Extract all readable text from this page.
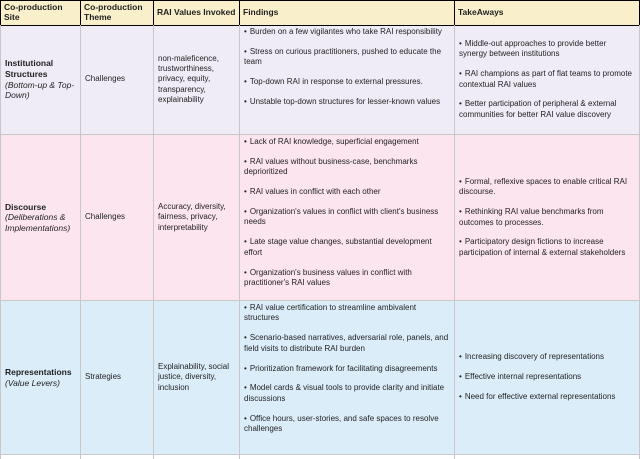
Co-production Site
Co-production Theme	RAI Values Invoked Findings	TakeAways
Institutional Structures
(Bottom-up & Top-Down)
Challenges
non-maleficence, trustworthiness, privacy, equity, transparency, explainability
• Burden on a few vigilantes who take RAI responsibility
• Stress on curious practitioners, pushed to educate the team
• Top-down RAI in response to external pressures.
• Unstable top-down structures for lesser-known values
• Middle-out approaches to provide better synergy between institutions
• RAI champions as part of flat teams to promote contextual RAI values
• Better participation of peripheral & external communities for better RAI value discovery
Discourse
(Deliberations & Implementations)
Challenges
Accuracy, diversity, fairness, privacy, interpretability
• Lack of RAI knowledge, superficial engagement
• RAI values without business-case, benchmarks deprioritized
• RAI values in conflict with each other
• Organization's values in conflict with client's business needs
• Late stage value changes, substantial development effort
• Organization's business values in conflict with practitioner's RAI values
• Formal, reflexive spaces to enable critical RAI discourse.
• Rethinking RAI value benchmarks from outcomes to processes.
• Participatory design fictions to increase participation of internal & external stakeholders
Representations
(Value Levers)
Strategies
Explainability, social justice, diversity, inclusion
• RAI value certification to streamline ambivalent structures
• Scenario-based narratives, adversarial role, panels, and field visits to distribute RAI burden
• Prioritization framework for facilitating disagreements
• Model cards & visual tools to provide clarity and initiate discussions
• Office hours, user-stories, and safe spaces to resolve challenges
• Increasing discovery of representations
• Effective internal representations
• Need for effective external representations
